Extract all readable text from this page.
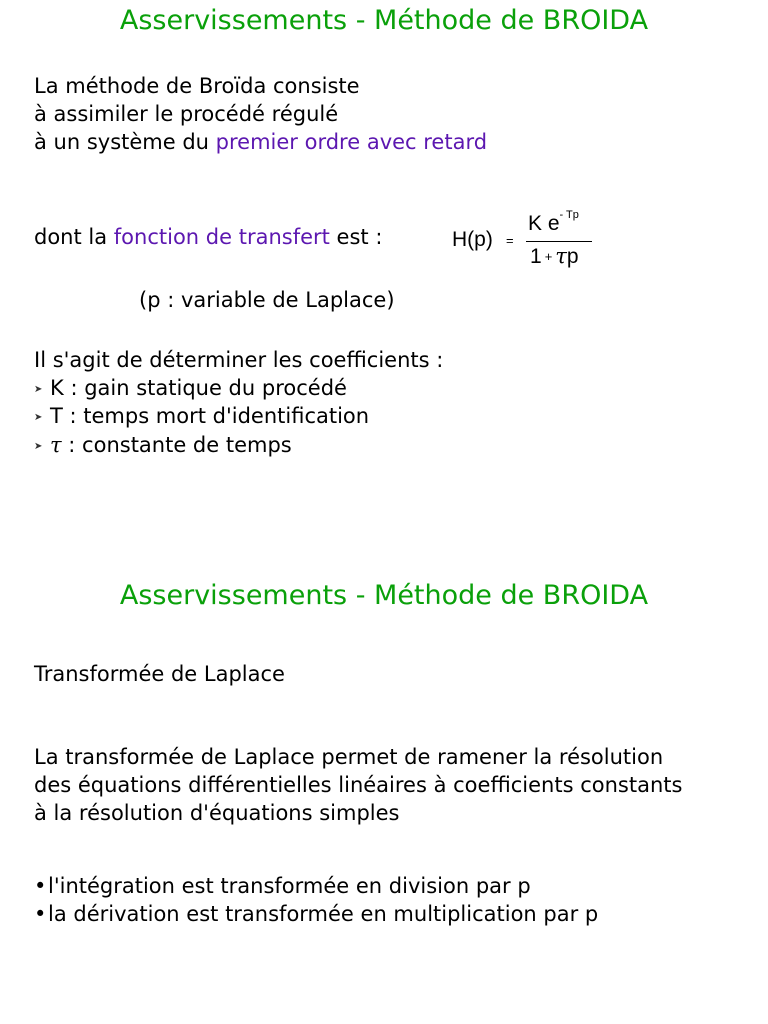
Asservissements - Méthode de BROIDA
La méthode de Broïda consiste
à assimiler le procédé régulé
à un système du premier ordre avec retard
dont la fonction de transfert est :	H(p) =
K $e^{- Tp}$
1 + τp
(p : variable de Laplace)
Il s'agit de déterminer les coefficients :
➤ K : gain statique du procédé
➤ T : temps mort d'identification
➤ τ : constante de temps
Asservissements - Méthode de BROIDA
Transformée de Laplace
La transformée de Laplace permet de ramener la résolution
des équations différentielles linéaires à coefficients constants
à la résolution d'équations simples
•l'intégration est transformée en division par p
•la dérivation est transformée en multiplication par p
